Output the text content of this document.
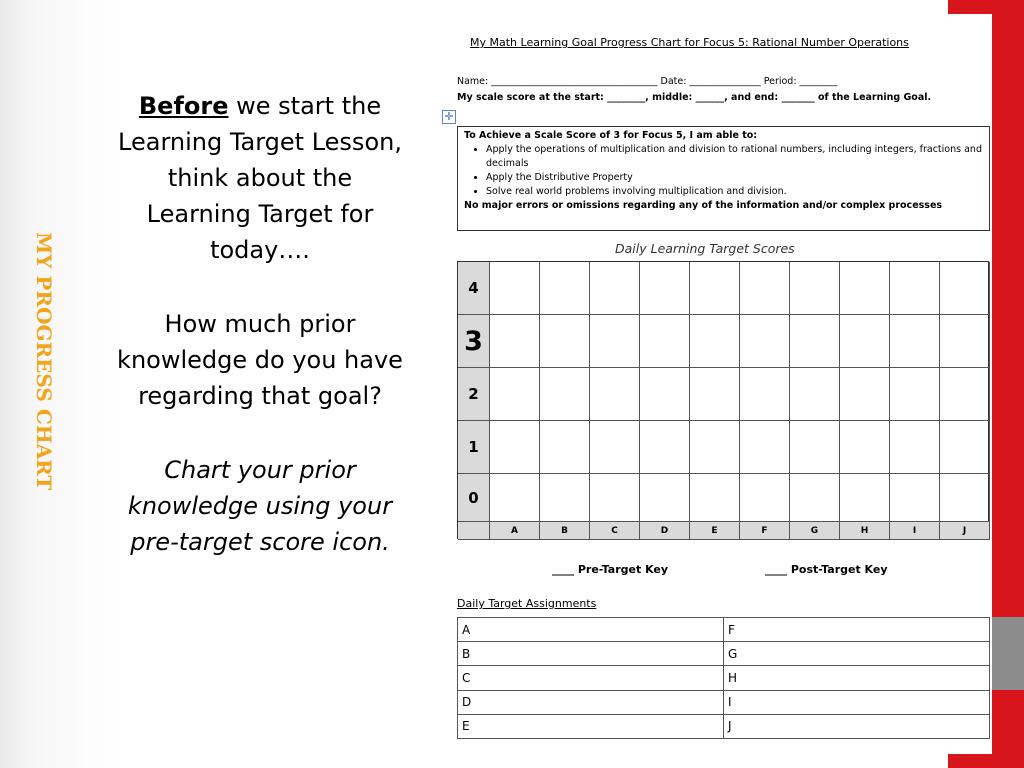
MY PROGRESS CHART

Before we start the Learning Target Lesson, think about the Learning Target for today….

How much prior knowledge do you have regarding that goal?

Chart your prior knowledge using your pre-target score icon.

My Math Learning Goal Progress Chart for Focus 5: Rational Number Operations
Name: ___________________________________ Date: _______________ Period: ________
My scale score at the start: ________, middle: ______, and end: _______ of the Learning Goal.
✛
To Achieve a Scale Score of 3 for Focus 5, I am able to:
• Apply the operations of multiplication and division to rational numbers, including integers, fractions and decimals
• Apply the Distributive Property
• Solve real world problems involving multiplication and division.
No major errors or omissions regarding any of the information and/or complex processes
Daily Learning Target Scores
4
3
2
1
0
A	B	C	D	E	F	G	H	I	J
____ Pre-Target Key	____ Post-Target Key
Daily Target Assignments
A	F
B	G
C	H
D	I
E	J
